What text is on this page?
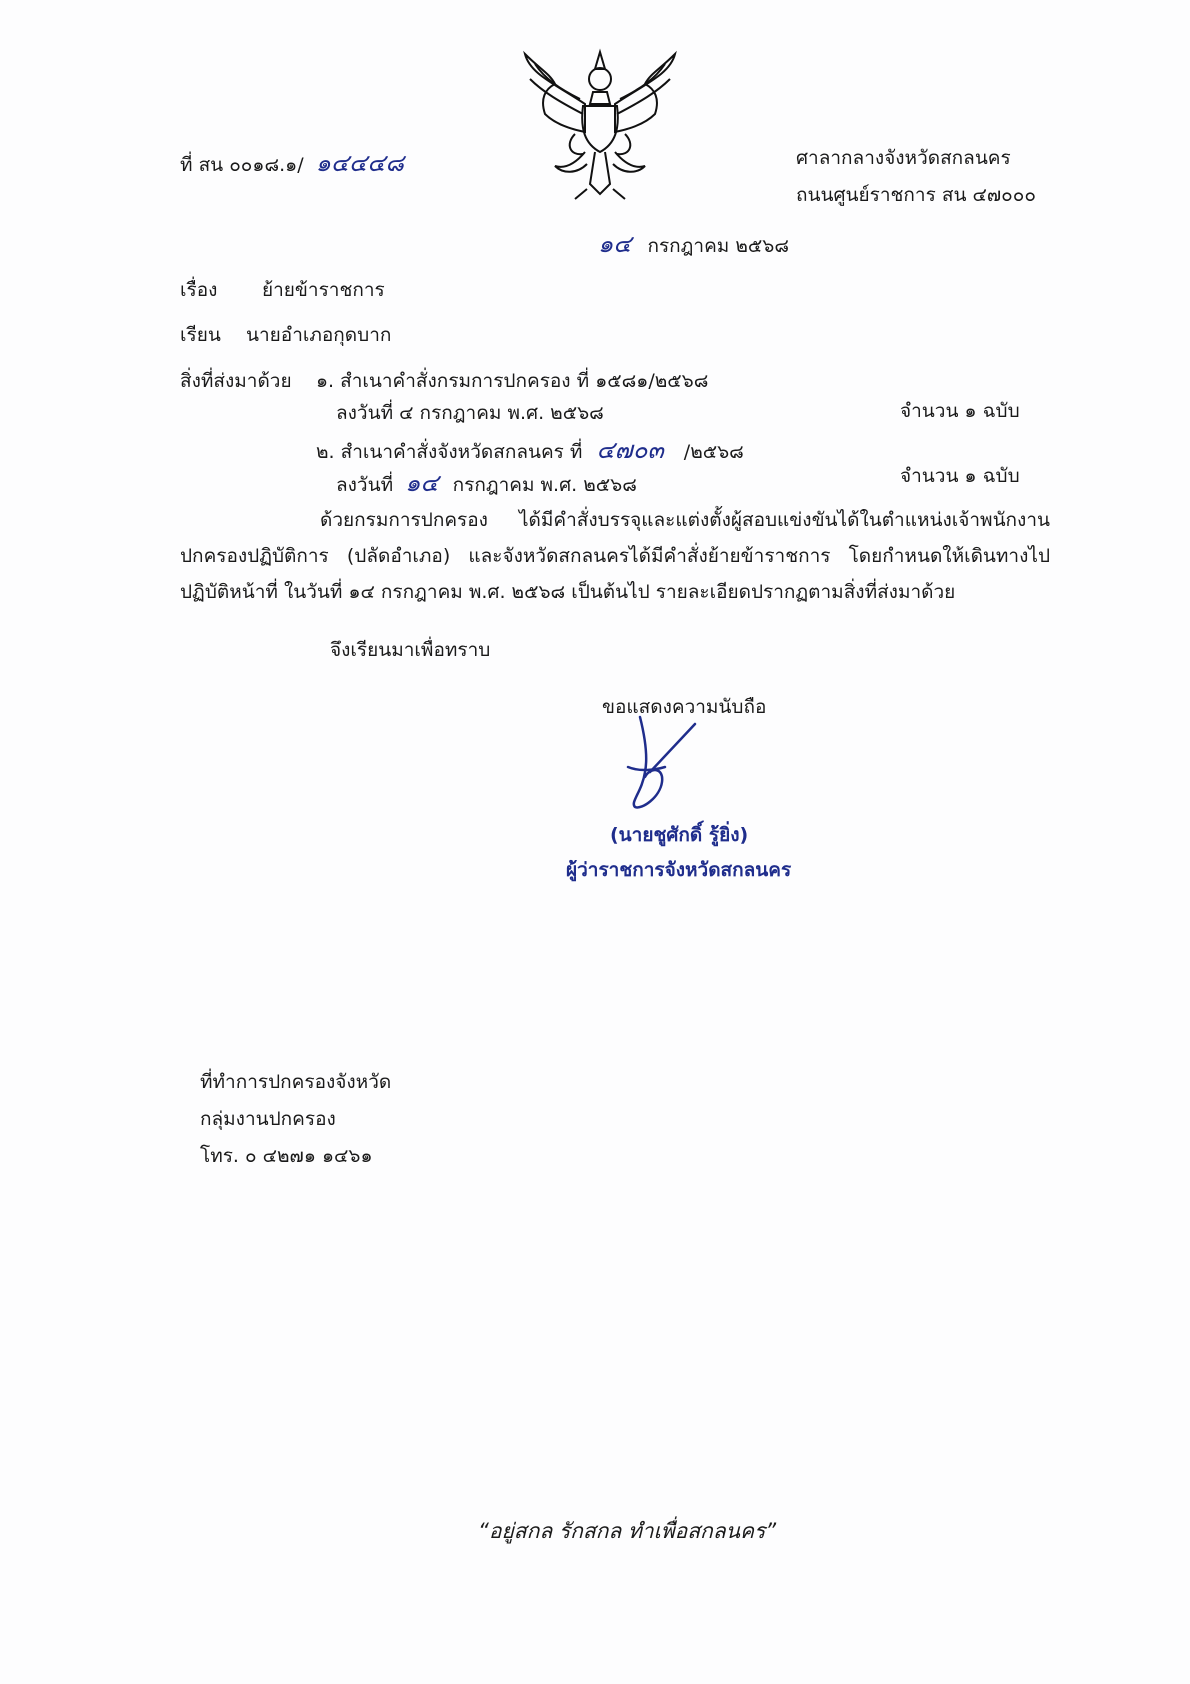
ที่ สน ๐๐๑๘.๑/ ๑๔๔๔๘	ศาลากลางจังหวัดสกลนคร
ถนนศูนย์ราชการ สน ๔๗๐๐๐
๑๔ กรกฎาคม ๒๕๖๘
เรื่อง ย้ายข้าราชการ
เรียน นายอำเภอกุดบาก
สิ่งที่ส่งมาด้วย ๑. สำเนาคำสั่งกรมการปกครอง ที่ ๑๕๘๑/๒๕๖๘
ลงวันที่ ๔ กรกฎาคม พ.ศ. ๒๕๖๘	จำนวน ๑ ฉบับ
๒. สำเนาคำสั่งจังหวัดสกลนคร ที่ ๔๗๐๓ /๒๕๖๘
ลงวันที่ ๑๔ กรกฎาคม พ.ศ. ๒๕๖๘	จำนวน ๑ ฉบับ
ด้วยกรมการปกครอง ได้มีคำสั่งบรรจุและแต่งตั้งผู้สอบแข่งขันได้ในตำแหน่งเจ้าพนักงานปกครองปฏิบัติการ (ปลัดอำเภอ) และจังหวัดสกลนครได้มีคำสั่งย้ายข้าราชการ โดยกำหนดให้เดินทางไปปฏิบัติหน้าที่ ในวันที่ ๑๔ กรกฎาคม พ.ศ. ๒๕๖๘ เป็นต้นไป รายละเอียดปรากฏตามสิ่งที่ส่งมาด้วย
จึงเรียนมาเพื่อทราบ
ขอแสดงความนับถือ
(นายชูศักดิ์ รู้ยิ่ง)
ผู้ว่าราชการจังหวัดสกลนคร
ที่ทำการปกครองจังหวัด
กลุ่มงานปกครอง
โทร. ๐ ๔๒๗๑ ๑๔๖๑
“อยู่สกล รักสกล ทำเพื่อสกลนคร”
